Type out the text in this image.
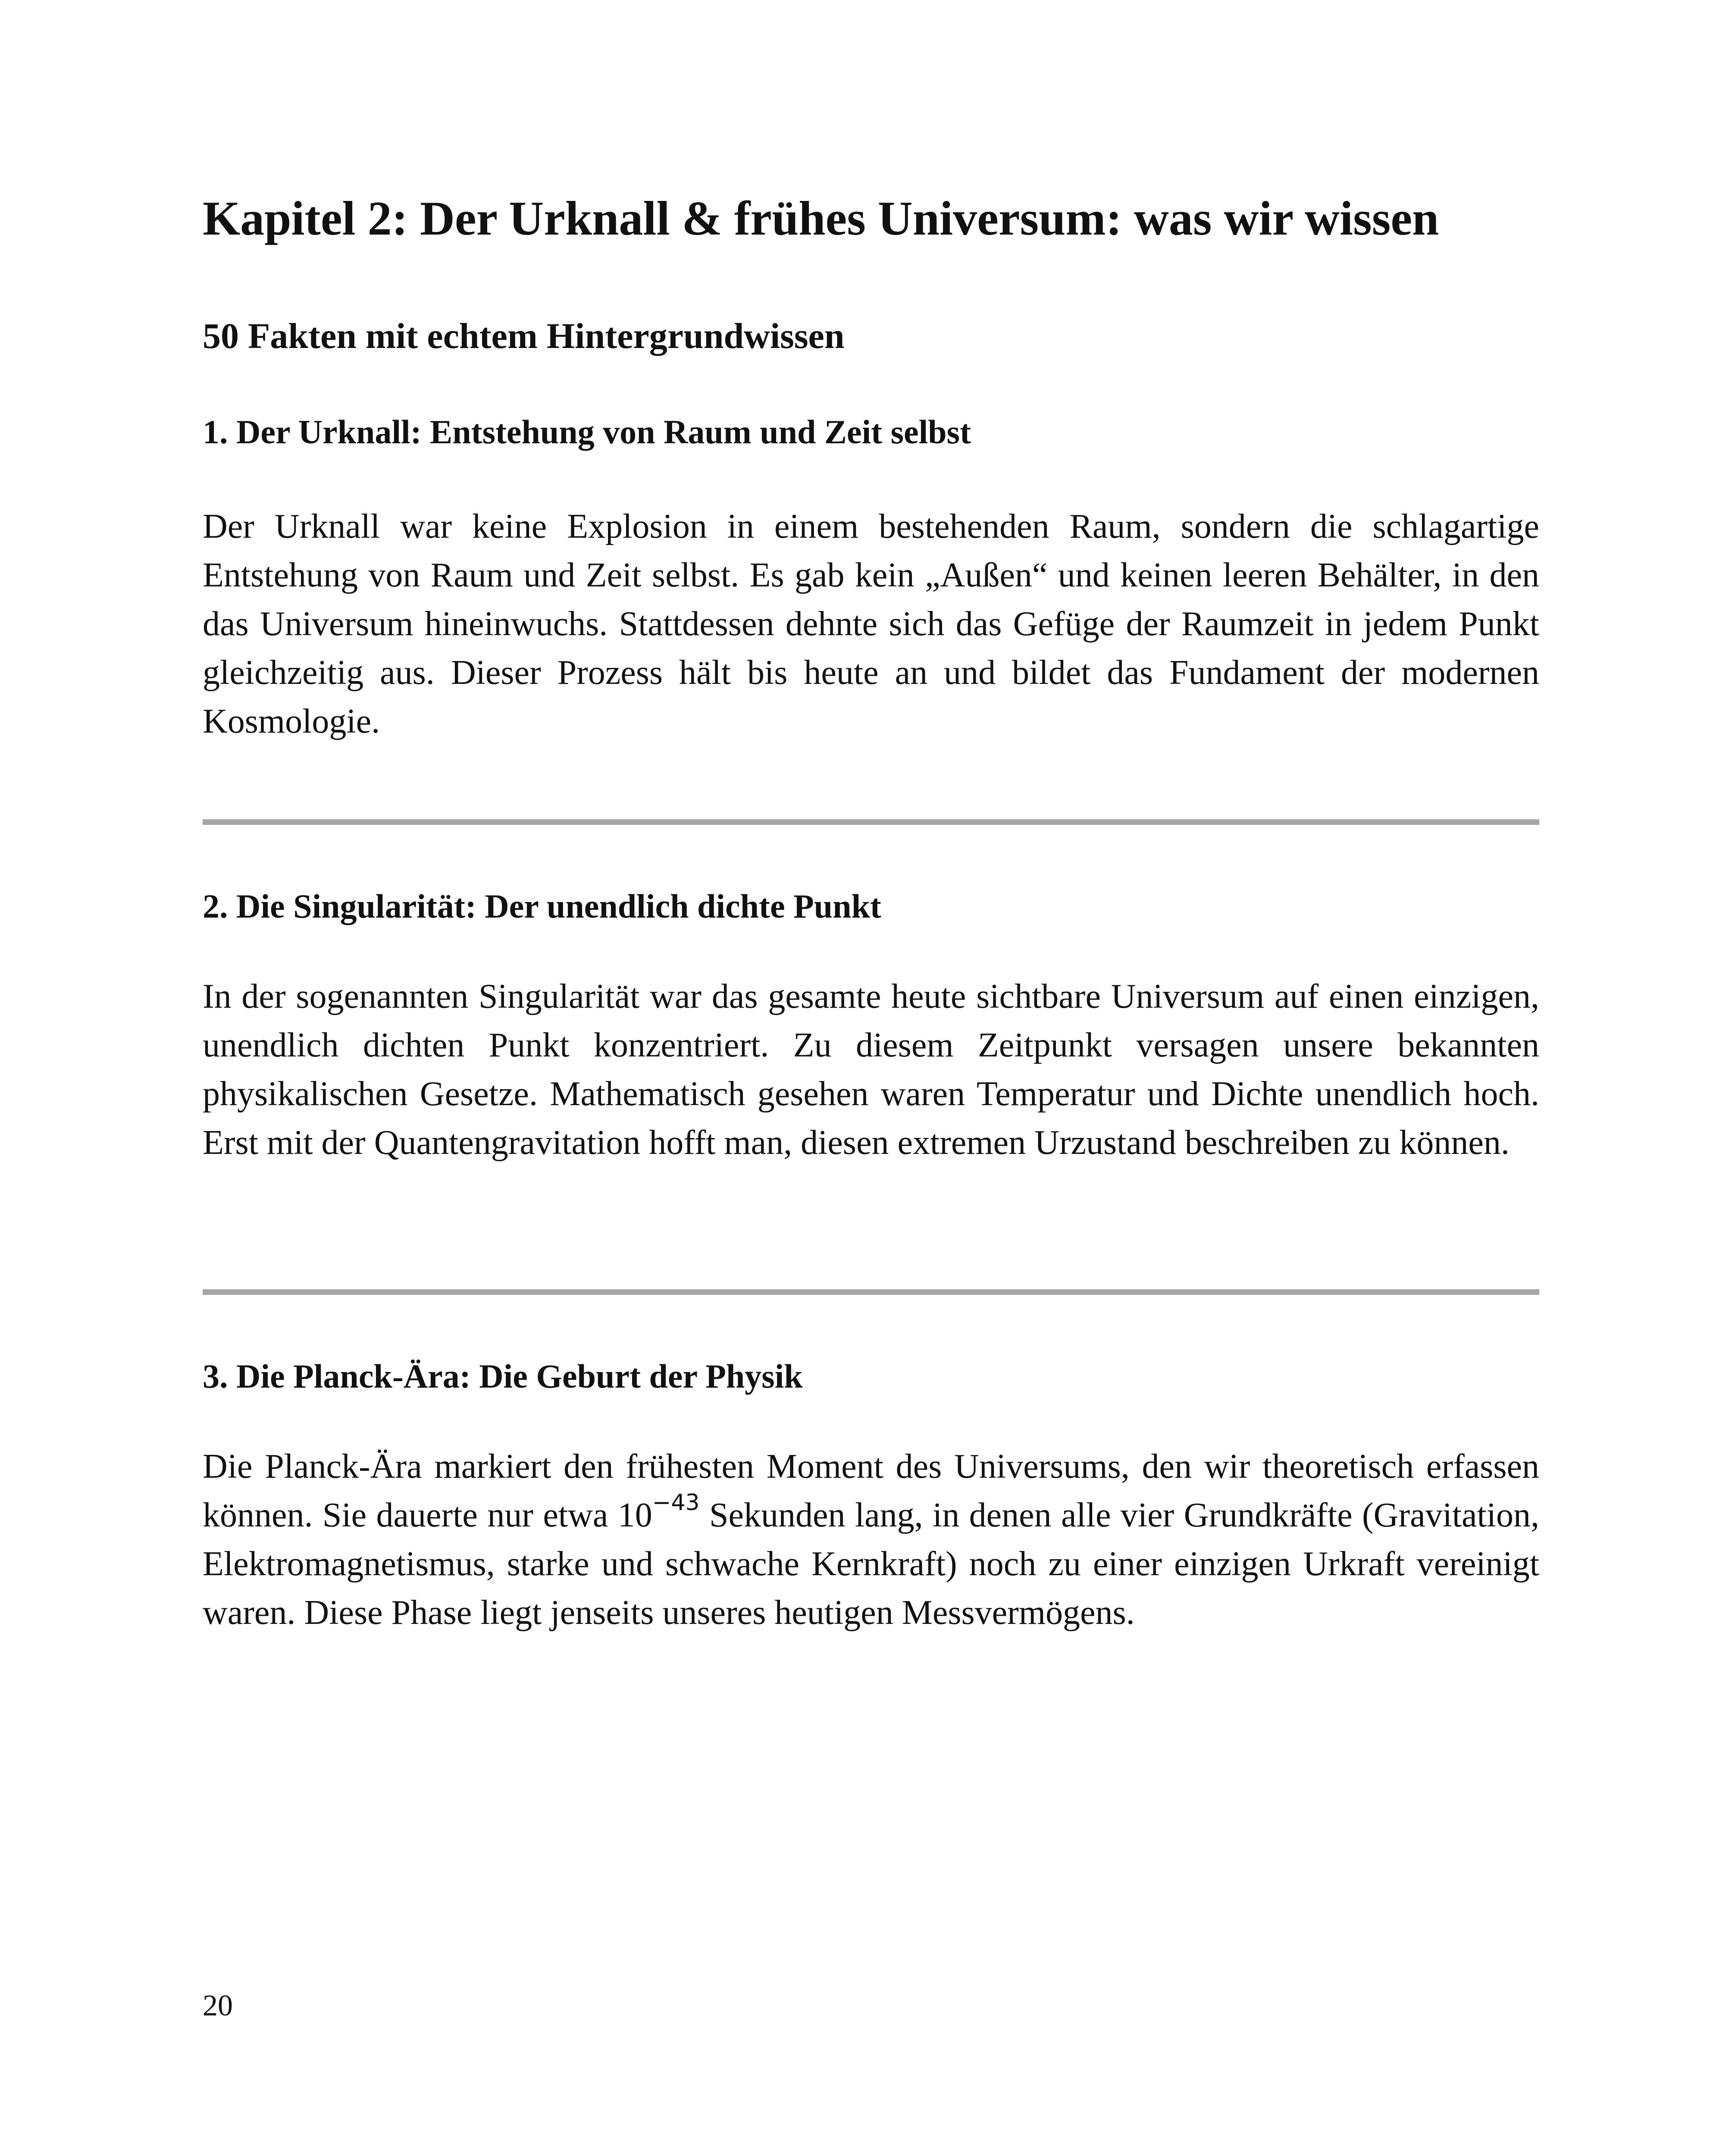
Kapitel 2: Der Urknall & frühes Universum: was wir wissen
50 Fakten mit echtem Hintergrundwissen
1. Der Urknall: Entstehung von Raum und Zeit selbst

Der Urknall war keine Explosion in einem bestehenden Raum, sondern die schlagartige Entstehung von Raum und Zeit selbst. Es gab kein „Außen“ und keinen leeren Behälter, in den das Universum hineinwuchs. Stattdessen dehnte sich das Gefüge der Raumzeit in jedem Punkt gleichzeitig aus. Dieser Prozess hält bis heute an und bildet das Fundament der modernen Kosmologie.

2. Die Singularität: Der unendlich dichte Punkt

In der sogenannten Singularität war das gesamte heute sichtbare Universum auf einen einzigen, unendlich dichten Punkt konzentriert. Zu diesem Zeitpunkt versagen unsere bekannten physikalischen Gesetze. Mathematisch gesehen waren Temperatur und Dichte unendlich hoch. Erst mit der Quantengravitation hofft man, diesen extremen Urzustand beschreiben zu können.

3. Die Planck-Ära: Die Geburt der Physik

Die Planck-Ära markiert den frühesten Moment des Universums, den wir theoretisch erfassen können. Sie dauerte nur etwa $10^{-43}$ Sekunden lang, in denen alle vier Grundkräfte (Gravitation, Elektromagnetismus, starke und schwache Kernkraft) noch zu einer einzigen Urkraft vereinigt waren. Diese Phase liegt jenseits unseres heutigen Messvermögens.

20
